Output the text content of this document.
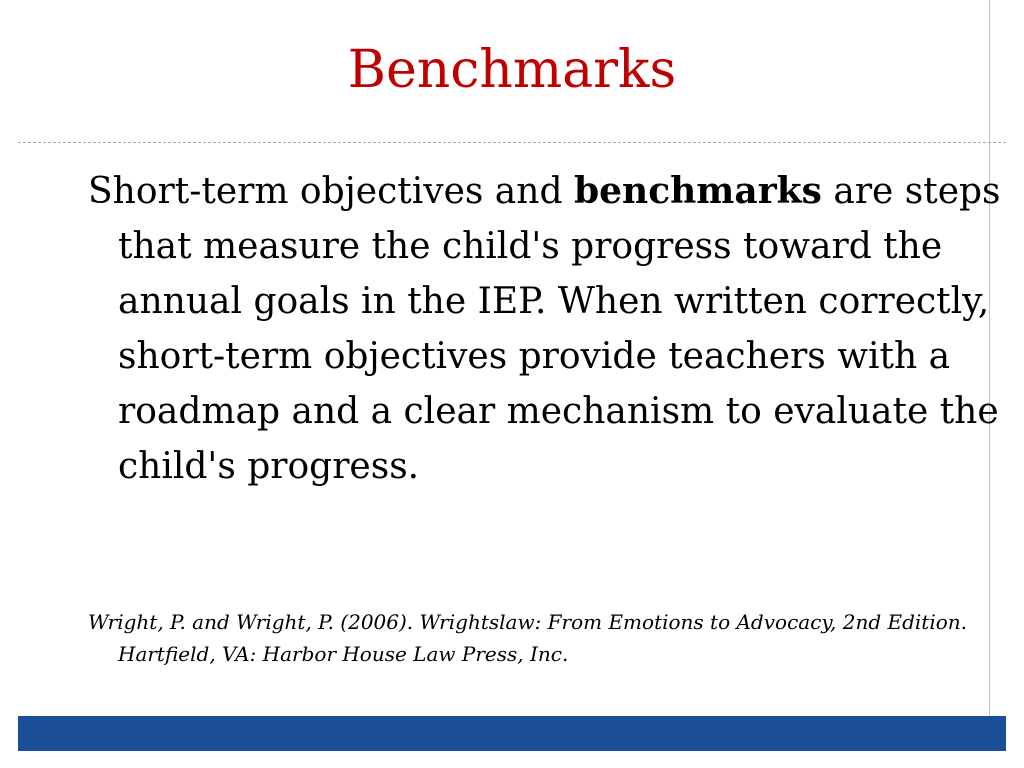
Benchmarks

Short-term objectives and benchmarks are steps that measure the child's progress toward the annual goals in the IEP. When written correctly, short-term objectives provide teachers with a roadmap and a clear mechanism to evaluate the child's progress.

Wright, P. and Wright, P. (2006). Wrightslaw: From Emotions to Advocacy, 2nd Edition. Hartfield, VA: Harbor House Law Press, Inc.
